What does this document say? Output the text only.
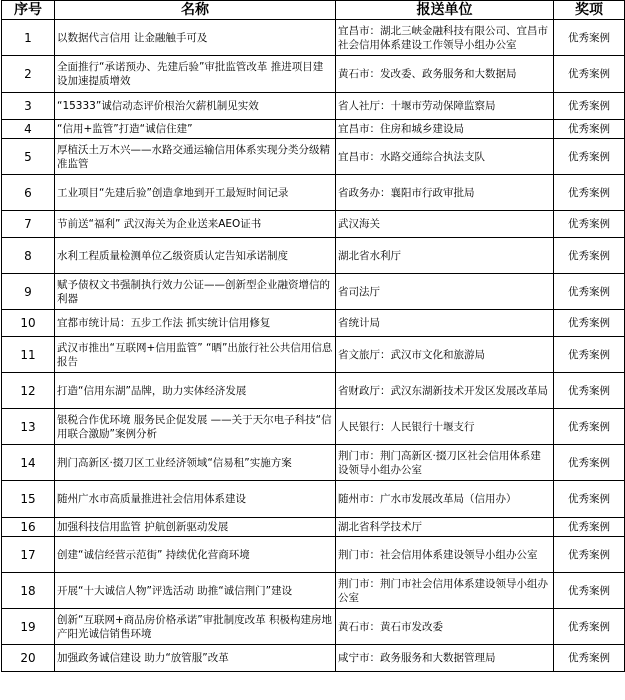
序号	名称	报送单位	奖项
1	以数据代言信用 让金融触手可及	宜昌市：湖北三峡金融科技有限公司、宜昌市社会信用体系建设工作领导小组办公室	优秀案例
2	全面推行“承诺预办、先建后验”审批监管改革 推进项目建设加速提质增效	黄石市：发改委、政务服务和大数据局	优秀案例
3	“15333”诚信动态评价根治欠薪机制见实效	省人社厅：十堰市劳动保障监察局	优秀案例
4	“信用+监管”打造“诚信住建”	宜昌市：住房和城乡建设局	优秀案例
5	厚植沃土万木兴——水路交通运输信用体系实现分类分级精准监管	宜昌市：水路交通综合执法支队	优秀案例
6	工业项目“先建后验”创造拿地到开工最短时间记录	省政务办：襄阳市行政审批局	优秀案例
7	节前送“福利” 武汉海关为企业送来AEO证书	武汉海关	优秀案例
8	水利工程质量检测单位乙级资质认定告知承诺制度	湖北省水利厅	优秀案例
9	赋予债权文书强制执行效力公证——创新型企业融资增信的利器	省司法厅	优秀案例
10	宜都市统计局：五步工作法 抓实统计信用修复	省统计局	优秀案例
11	武汉市推出“互联网+信用监管” “晒”出旅行社公共信用信息报告	省文旅厅：武汉市文化和旅游局	优秀案例
12	打造“信用东湖”品牌，助力实体经济发展	省财政厅：武汉东湖新技术开发区发展改革局	优秀案例
13	银税合作优环境 服务民企促发展 ——关于天尔电子科技“信用联合激励”案例分析	人民银行：人民银行十堰支行	优秀案例
14	荆门高新区·掇刀区工业经济领域“信易租”实施方案	荆门市：荆门高新区·掇刀区社会信用体系建设领导小组办公室	优秀案例
15	随州广水市高质量推进社会信用体系建设	随州市：广水市发展改革局（信用办）	优秀案例
16	加强科技信用监管 护航创新驱动发展	湖北省科学技术厅	优秀案例
17	创建“诚信经营示范街” 持续优化营商环境	荆门市：社会信用体系建设领导小组办公室	优秀案例
18	开展“十大诚信人物”评选活动 助推“诚信荆门”建设	荆门市：荆门市社会信用体系建设领导小组办公室	优秀案例
19	创新“互联网+商品房价格承诺”审批制度改革 积极构建房地产阳光诚信销售环境	黄石市：黄石市发改委	优秀案例
20	加强政务诚信建设 助力“放管服”改革	咸宁市：政务服务和大数据管理局	优秀案例
